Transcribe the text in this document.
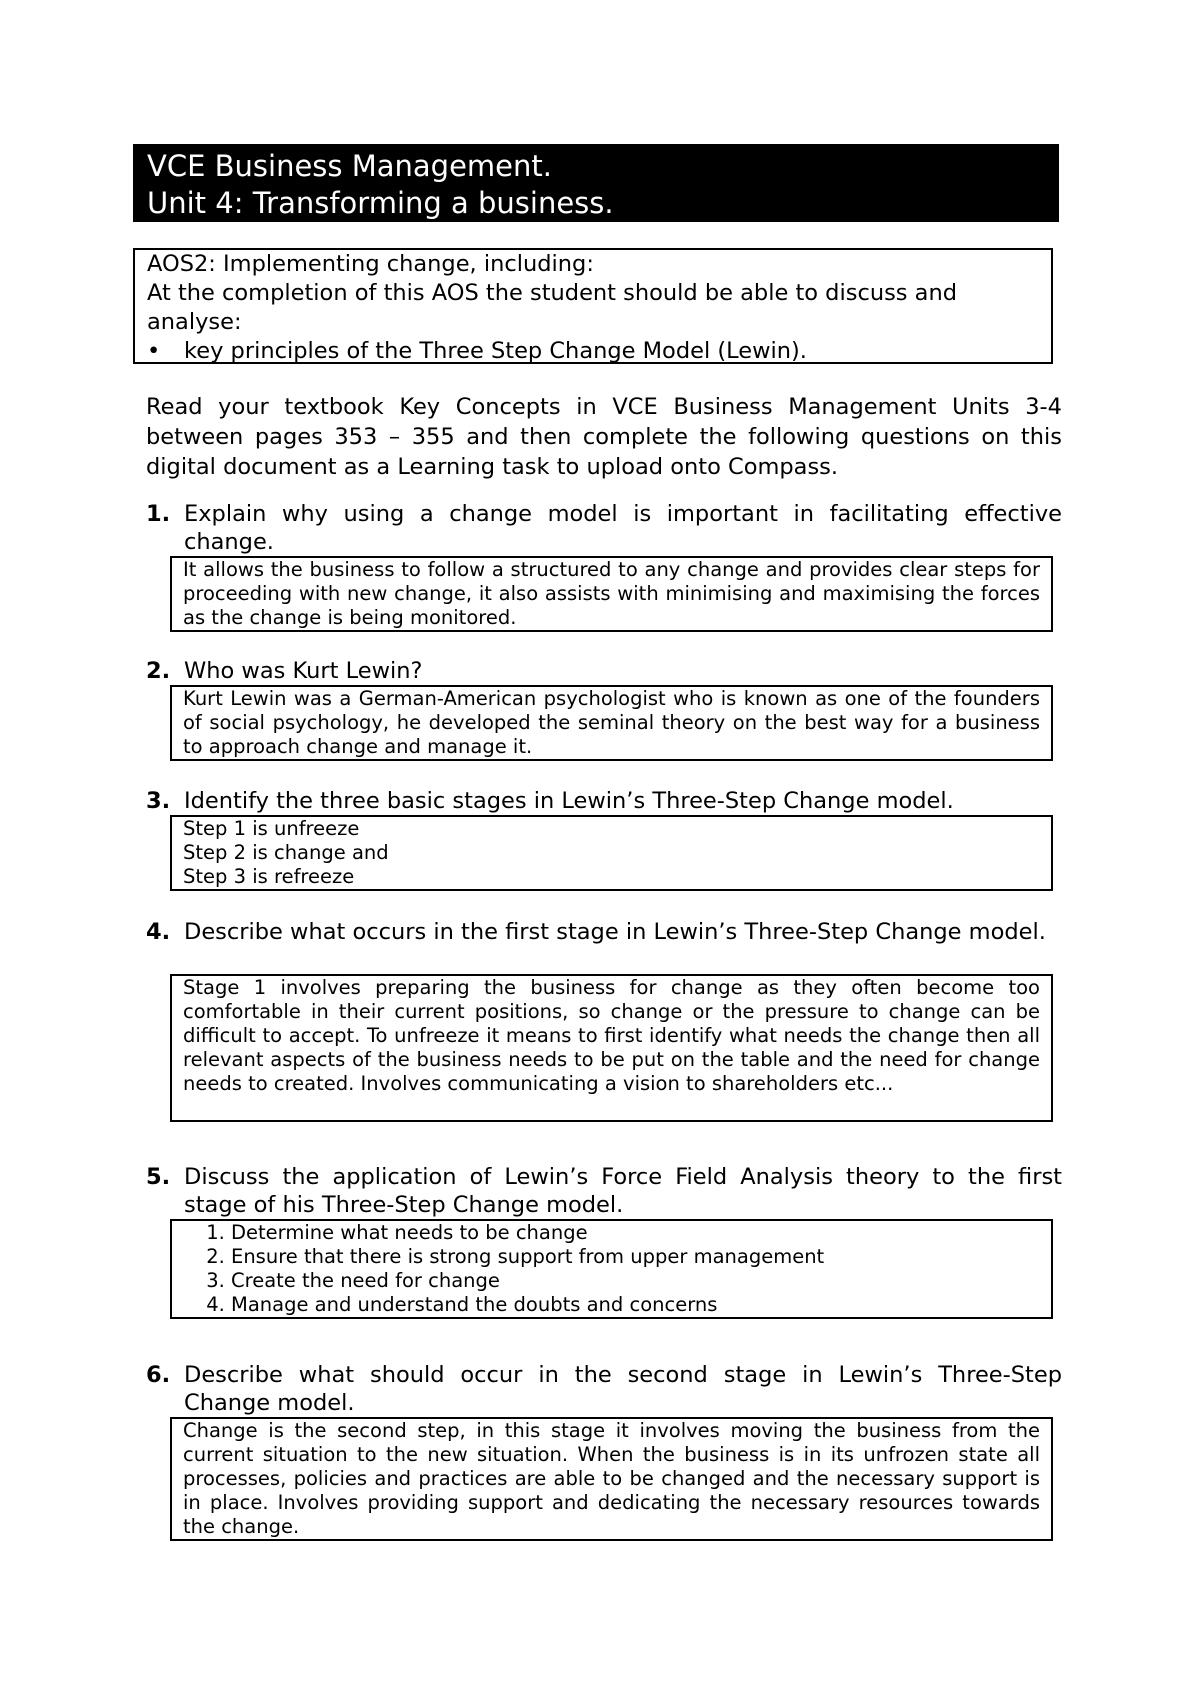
VCE Business Management.
Unit 4: Transforming a business.
AOS2: Implementing change, including:
At the completion of this AOS the student should be able to discuss and
analyse:
• key principles of the Three Step Change Model (Lewin).
Read your textbook Key Concepts in VCE Business Management Units 3-4 between pages 353 – 355 and then complete the following questions on this digital document as a Learning task to upload onto Compass.
1. Explain why using a change model is important in facilitating effective change.
It allows the business to follow a structured to any change and provides clear steps for proceeding with new change, it also assists with minimising and maximising the forces as the change is being monitored.
2. Who was Kurt Lewin?
Kurt Lewin was a German-American psychologist who is known as one of the founders of social psychology, he developed the seminal theory on the best way for a business to approach change and manage it.
3. Identify the three basic stages in Lewin’s Three-Step Change model.
Step 1 is unfreeze
Step 2 is change and
Step 3 is refreeze
4. Describe what occurs in the first stage in Lewin’s Three-Step Change model.
Stage 1 involves preparing the business for change as they often become too comfortable in their current positions, so change or the pressure to change can be difficult to accept. To unfreeze it means to first identify what needs the change then all relevant aspects of the business needs to be put on the table and the need for change needs to created. Involves communicating a vision to shareholders etc...
5. Discuss the application of Lewin’s Force Field Analysis theory to the first stage of his Three-Step Change model.
1. Determine what needs to be change
2. Ensure that there is strong support from upper management
3. Create the need for change
4. Manage and understand the doubts and concerns
6. Describe what should occur in the second stage in Lewin’s Three-Step Change model.
Change is the second step, in this stage it involves moving the business from the current situation to the new situation. When the business is in its unfrozen state all processes, policies and practices are able to be changed and the necessary support is in place. Involves providing support and dedicating the necessary resources towards the change.
